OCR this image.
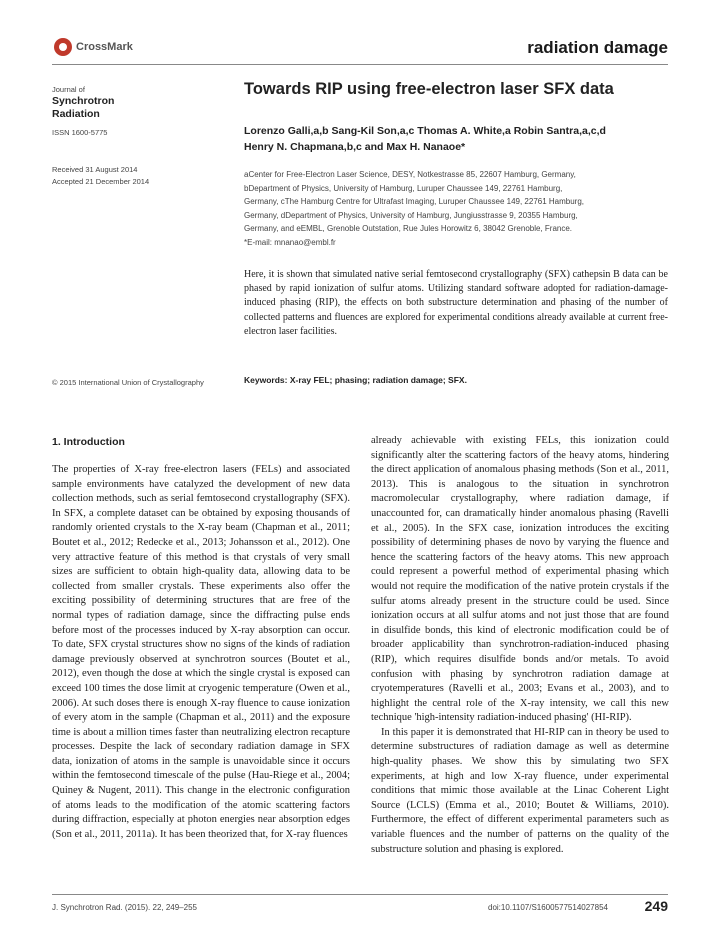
CrossMark	radiation damage
Journal of
Synchrotron
Radiation
ISSN 1600-5775
Received 31 August 2014
Accepted 21 December 2014
© 2015 International Union of Crystallography
Towards RIP using free-electron laser SFX data
Lorenzo Galli,a,b Sang-Kil Son,a,c Thomas A. White,a Robin Santra,a,c,d
Henry N. Chapmana,b,c and Max H. Nanaoe*
aCenter for Free-Electron Laser Science, DESY, Notkestrasse 85, 22607 Hamburg, Germany,
bDepartment of Physics, University of Hamburg, Luruper Chaussee 149, 22761 Hamburg,
Germany, cThe Hamburg Centre for Ultrafast Imaging, Luruper Chaussee 149, 22761 Hamburg,
Germany, dDepartment of Physics, University of Hamburg, Jungiusstrasse 9, 20355 Hamburg,
Germany, and eEMBL, Grenoble Outstation, Rue Jules Horowitz 6, 38042 Grenoble, France.
*E-mail: mnanao@embl.fr
Here, it is shown that simulated native serial femtosecond crystallography (SFX) cathepsin B data can be phased by rapid ionization of sulfur atoms. Utilizing standard software adopted for radiation-damage-induced phasing (RIP), the effects on both substructure determination and phasing of the number of collected patterns and fluences are explored for experimental conditions already available at current free-electron laser facilities.
Keywords: X-ray FEL; phasing; radiation damage; SFX.
1. Introduction

The properties of X-ray free-electron lasers (FELs) and associated sample environments have catalyzed the development of new data collection methods, such as serial femtosecond crystallography (SFX). In SFX, a complete dataset can be obtained by exposing thousands of randomly oriented crystals to the X-ray beam (Chapman et al., 2011; Boutet et al., 2012; Redecke et al., 2013; Johansson et al., 2012). One very attractive feature of this method is that crystals of very small sizes are sufficient to obtain high-quality data, allowing data to be collected from smaller crystals. These experiments also offer the exciting possibility of determining structures that are free of the normal types of radiation damage, since the diffracting pulse ends before most of the processes induced by X-ray absorption can occur. To date, SFX crystal structures show no signs of the kinds of radiation damage previously observed at synchrotron sources (Boutet et al., 2012), even though the dose at which the single crystal is exposed can exceed 100 times the dose limit at cryogenic temperature (Owen et al., 2006). At such doses there is enough X-ray fluence to cause ionization of every atom in the sample (Chapman et al., 2011) and the exposure time is about a million times faster than neutralizing electron recapture processes. Despite the lack of secondary radiation damage in SFX data, ionization of atoms in the sample is unavoidable since it occurs within the femtosecond timescale of the pulse (Hau-Riege et al., 2004; Quiney & Nugent, 2011). This change in the electronic configuration of atoms leads to the modification of the atomic scattering factors during diffraction, especially at photon energies near absorption edges (Son et al., 2011, 2011a). It has been theorized that, for X-ray fluences

already achievable with existing FELs, this ionization could significantly alter the scattering factors of the heavy atoms, hindering the direct application of anomalous phasing methods (Son et al., 2011, 2013). This is analogous to the situation in synchrotron macromolecular crystallography, where radiation damage, if unaccounted for, can dramatically hinder anomalous phasing (Ravelli et al., 2005). In the SFX case, ionization introduces the exciting possibility of determining phases de novo by varying the fluence and hence the scattering factors of the heavy atoms. This new approach could represent a powerful method of experimental phasing which would not require the modification of the native protein crystals if the sulfur atoms already present in the structure could be used. Since ionization occurs at all sulfur atoms and not just those that are found in disulfide bonds, this kind of electronic modification could be of broader applicability than synchrotron-radiation-induced phasing (RIP), which requires disulfide bonds and/or metals. To avoid confusion with phasing by synchrotron radiation damage at cryotemperatures (Ravelli et al., 2003; Evans et al., 2003), and to highlight the central role of the X-ray intensity, we call this new technique 'high-intensity radiation-induced phasing' (HI-RIP).

In this paper it is demonstrated that HI-RIP can in theory be used to determine substructures of radiation damage as well as determine high-quality phases. We show this by simulating two SFX experiments, at high and low X-ray fluence, under experimental conditions that mimic those available at the Linac Coherent Light Source (LCLS) (Emma et al., 2010; Boutet & Williams, 2010). Furthermore, the effect of different experimental parameters such as variable fluences and the number of patterns on the quality of the substructure solution and phasing is explored.

J. Synchrotron Rad. (2015). 22, 249–255	doi:10.1107/S1600577514027854	249
